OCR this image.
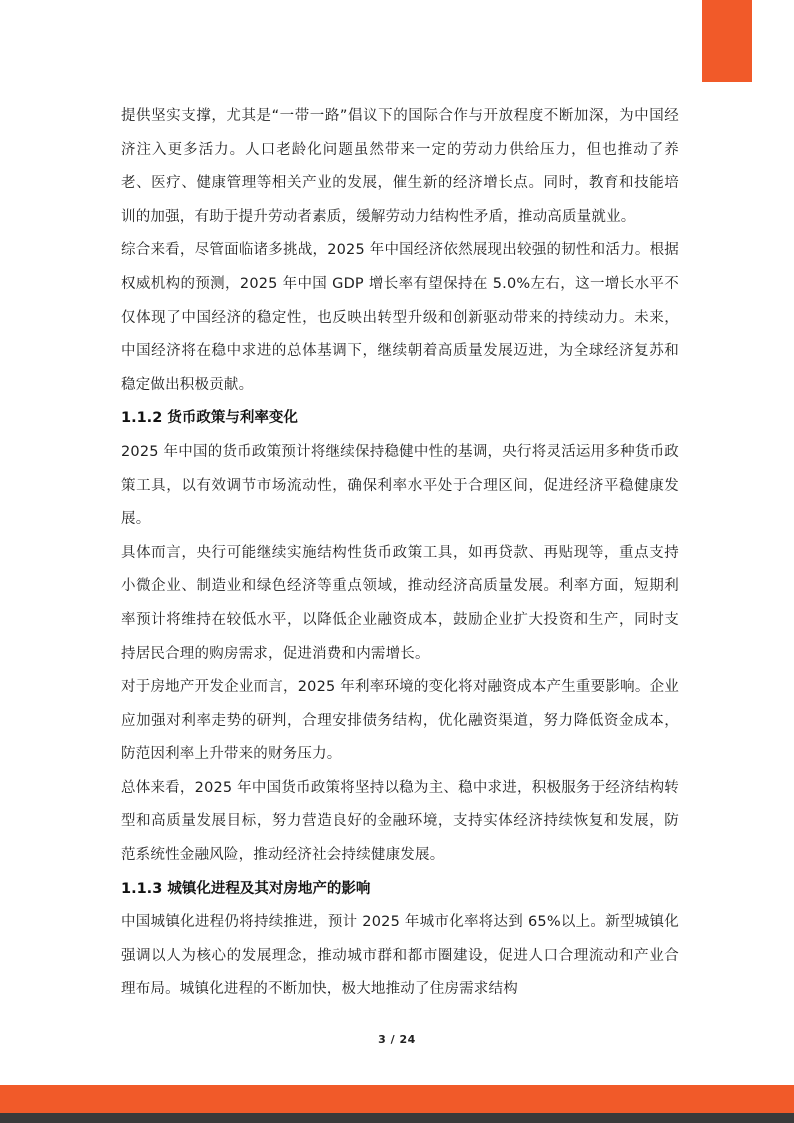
提供坚实支撑，尤其是“一带一路”倡议下的国际合作与开放程度不断加深，为中国经济注入更多活力。人口老龄化问题虽然带来一定的劳动力供给压力，但也推动了养老、医疗、健康管理等相关产业的发展，催生新的经济增长点。同时，教育和技能培训的加强，有助于提升劳动者素质，缓解劳动力结构性矛盾，推动高质量就业。

综合来看，尽管面临诸多挑战，2025 年中国经济依然展现出较强的韧性和活力。根据权威机构的预测，2025 年中国 GDP 增长率有望保持在 5.0%左右，这一增长水平不仅体现了中国经济的稳定性，也反映出转型升级和创新驱动带来的持续动力。未来，中国经济将在稳中求进的总体基调下，继续朝着高质量发展迈进，为全球经济复苏和稳定做出积极贡献。

1.1.2 货币政策与利率变化

2025 年中国的货币政策预计将继续保持稳健中性的基调，央行将灵活运用多种货币政策工具，以有效调节市场流动性，确保利率水平处于合理区间，促进经济平稳健康发展。

具体而言，央行可能继续实施结构性货币政策工具，如再贷款、再贴现等，重点支持小微企业、制造业和绿色经济等重点领域，推动经济高质量发展。利率方面，短期利率预计将维持在较低水平，以降低企业融资成本，鼓励企业扩大投资和生产，同时支持居民合理的购房需求，促进消费和内需增长。

对于房地产开发企业而言，2025 年利率环境的变化将对融资成本产生重要影响。企业应加强对利率走势的研判，合理安排债务结构，优化融资渠道，努力降低资金成本，防范因利率上升带来的财务压力。

总体来看，2025 年中国货币政策将坚持以稳为主、稳中求进，积极服务于经济结构转型和高质量发展目标，努力营造良好的金融环境，支持实体经济持续恢复和发展，防范系统性金融风险，推动经济社会持续健康发展。

1.1.3 城镇化进程及其对房地产的影响

中国城镇化进程仍将持续推进，预计 2025 年城市化率将达到 65%以上。新型城镇化强调以人为核心的发展理念，推动城市群和都市圈建设，促进人口合理流动和产业合理布局。城镇化进程的不断加快，极大地推动了住房需求结构

3 / 24
